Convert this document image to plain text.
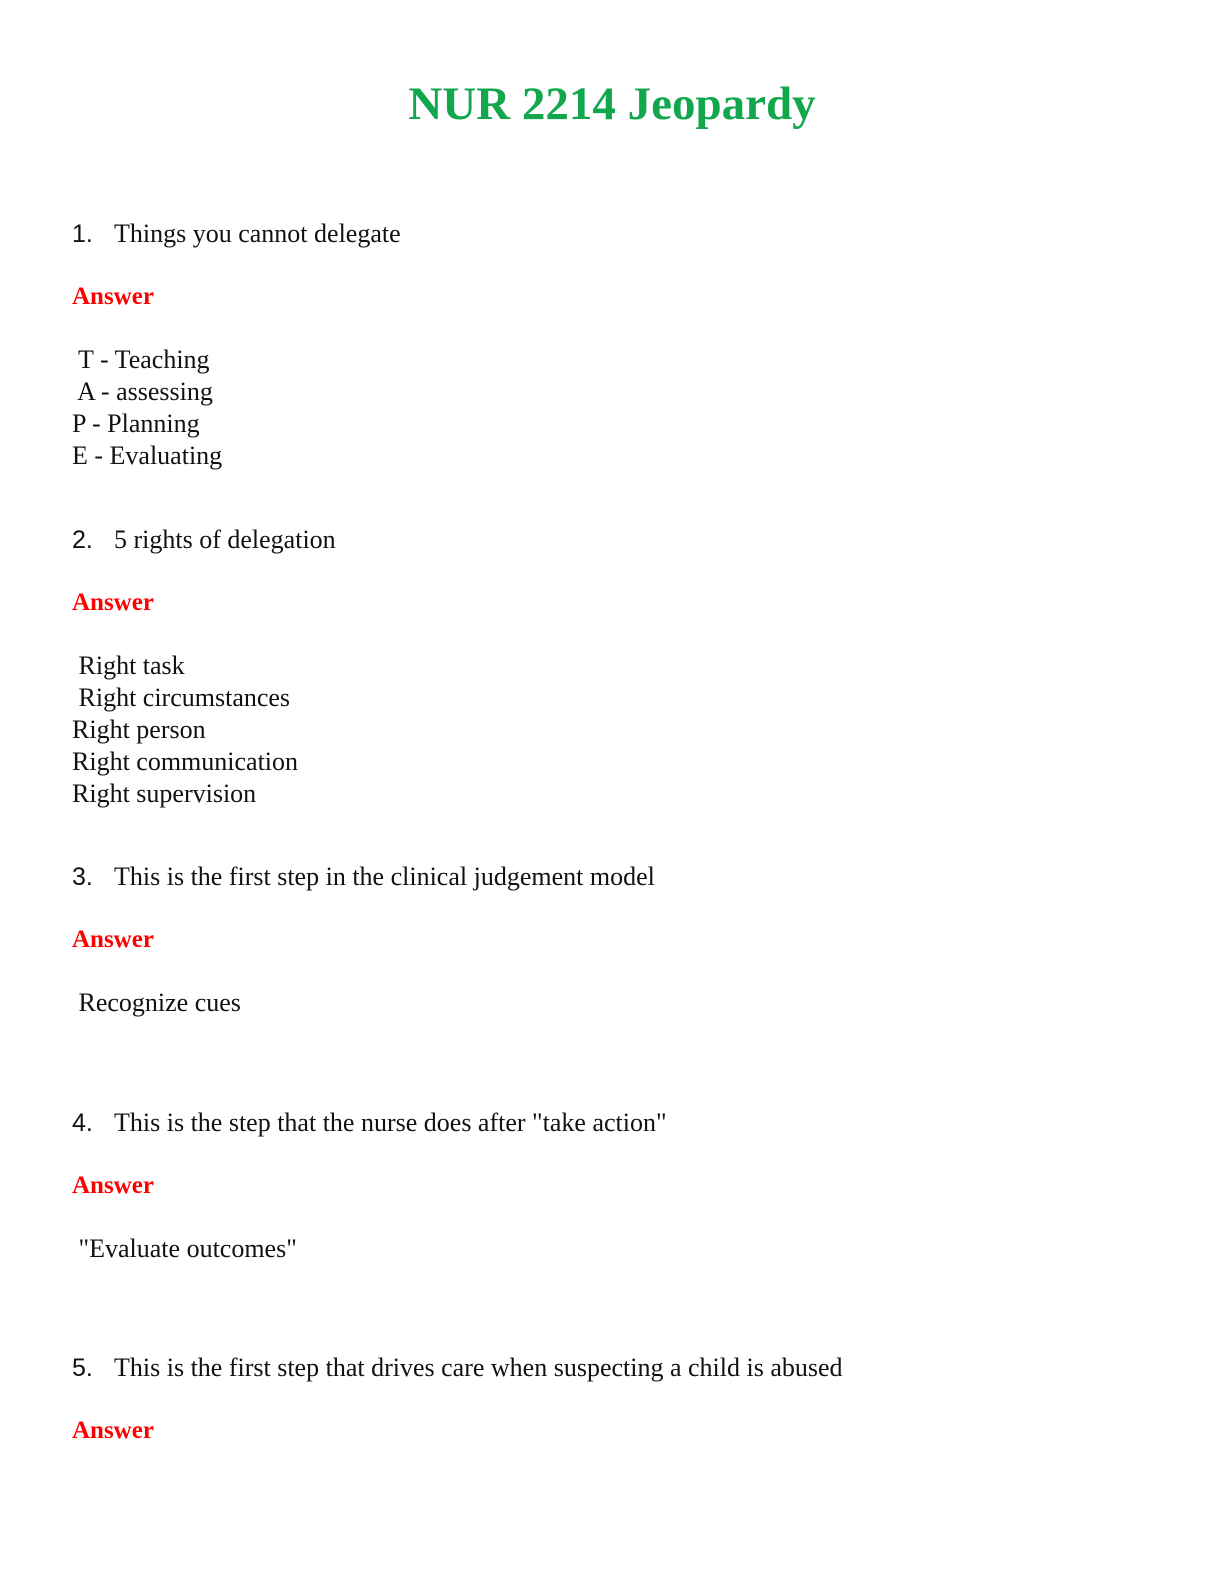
NUR 2214 Jeopardy
1. Things you cannot delegate
Answer
T - Teaching
A - assessing
P - Planning
E - Evaluating
2. 5 rights of delegation
Answer
Right task
Right circumstances
Right person
Right communication
Right supervision
3. This is the first step in the clinical judgement model
Answer
Recognize cues
4. This is the step that the nurse does after "take action"
Answer
"Evaluate outcomes"
5. This is the first step that drives care when suspecting a child is abused
Answer
